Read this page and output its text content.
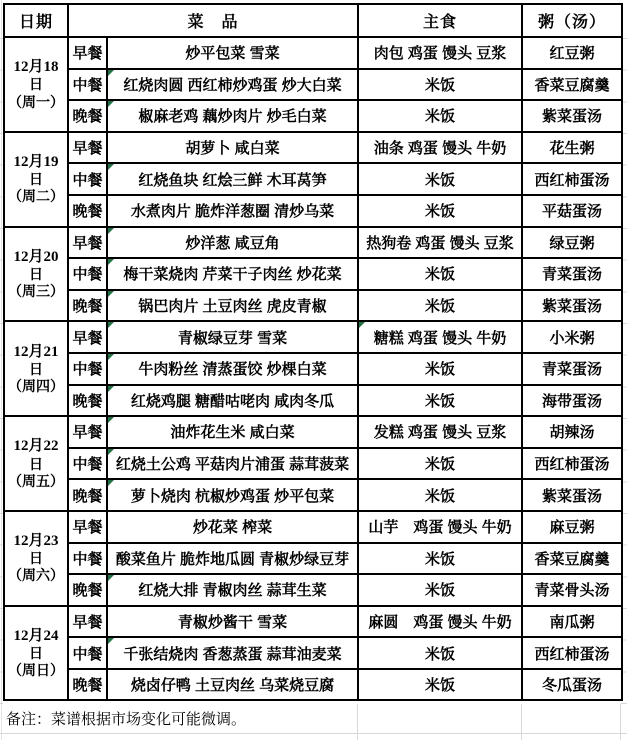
日期	菜　品		主食	粥（汤）

12月18
日
（周一）	早餐	炒平包菜 雪菜	肉包 鸡蛋 馒头 豆浆	红豆粥
	中餐	红烧肉圆 西红柿炒鸡蛋 炒大白菜	米饭	香菜豆腐羹
	晚餐	椒麻老鸡 藕炒肉片 炒毛白菜	米饭	紫菜蛋汤

12月19
日
（周二）	早餐	胡萝卜 咸白菜	油条 鸡蛋 馒头 牛奶	花生粥
	中餐	红烧鱼块 红烩三鲜 木耳莴笋	米饭	西红柿蛋汤
	晚餐	水煮肉片 脆炸洋葱圈 清炒乌菜	米饭	平菇蛋汤

12月20
日
（周三）	早餐	炒洋葱 咸豆角	热狗卷 鸡蛋 馒头 豆浆	绿豆粥
	中餐	梅干菜烧肉 芹菜干子肉丝 炒花菜	米饭	青菜蛋汤
	晚餐	锅巴肉片 土豆肉丝 虎皮青椒	米饭	紫菜蛋汤

12月21
日
（周四）	早餐	青椒绿豆芽 雪菜	糖糕 鸡蛋 馒头 牛奶	小米粥
	中餐	牛肉粉丝 清蒸蛋饺 炒棵白菜	米饭	青菜蛋汤
	晚餐	红烧鸡腿 糖醋咕咾肉 咸肉冬瓜	米饭	海带蛋汤

12月22
日
（周五）	早餐	油炸花生米 咸白菜	发糕 鸡蛋 馒头 豆浆	胡辣汤
	中餐	红烧土公鸡 平菇肉片浦蛋 蒜茸菠菜	米饭	西红柿蛋汤
	晚餐	萝卜烧肉 杭椒炒鸡蛋 炒平包菜	米饭	紫菜蛋汤

12月23
日
（周六）	早餐	炒花菜 榨菜	山芋　鸡蛋 馒头 牛奶	麻豆粥
	中餐	酸菜鱼片 脆炸地瓜圆 青椒炒绿豆芽	米饭	香菜豆腐羹
	晚餐	红烧大排 青椒肉丝 蒜茸生菜	米饭	青菜骨头汤

12月24
日
（周日）	早餐	青椒炒酱干 雪菜	麻圆　鸡蛋 馒头 牛奶	南瓜粥
	中餐	千张结烧肉 香葱蒸蛋 蒜茸油麦菜	米饭	西红柿蛋汤
	晚餐	烧卤仔鸭 土豆肉丝 乌菜烧豆腐	米饭	冬瓜蛋汤
备注：菜谱根据市场变化可能微调。
